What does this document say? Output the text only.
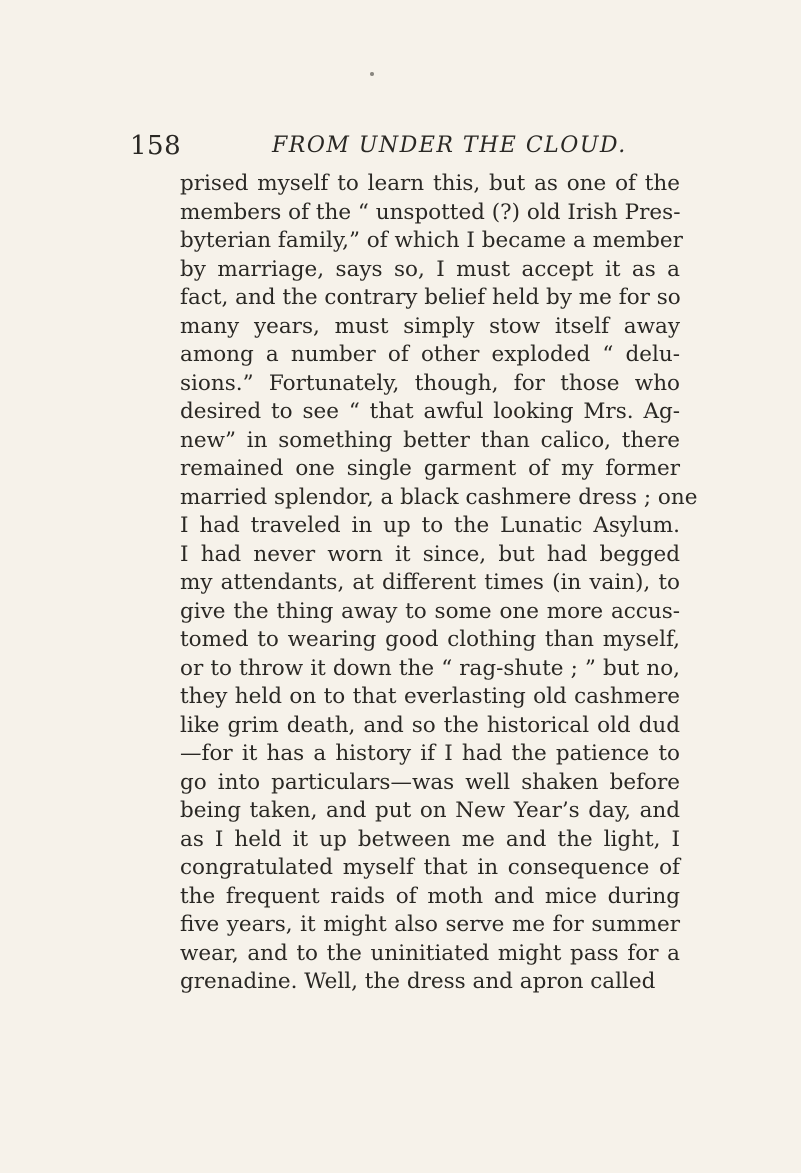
158	FROM UNDER THE CLOUD.
prised myself to learn this, but as one of the
members of the “ unspotted (?) old Irish Pres-
byterian family,” of which I became a member
by marriage, says so, I must accept it as a
fact, and the contrary belief held by me for so
many years, must simply stow itself away
among a number of other exploded “ delu-
sions.” Fortunately, though, for those who
desired to see “ that awful looking Mrs. Ag-
new” in something better than calico, there
remained one single garment of my former
married splendor, a black cashmere dress ; one
I had traveled in up to the Lunatic Asylum.
I had never worn it since, but had begged
my attendants, at different times (in vain), to
give the thing away to some one more accus-
tomed to wearing good clothing than myself,
or to throw it down the “ rag-shute ; ” but no,
they held on to that everlasting old cashmere
like grim death, and so the historical old dud
—for it has a history if I had the patience to
go into particulars—was well shaken before
being taken, and put on New Year’s day, and
as I held it up between me and the light, I
congratulated myself that in consequence of
the frequent raids of moth and mice during
five years, it might also serve me for summer
wear, and to the uninitiated might pass for a
grenadine. Well, the dress and apron called
